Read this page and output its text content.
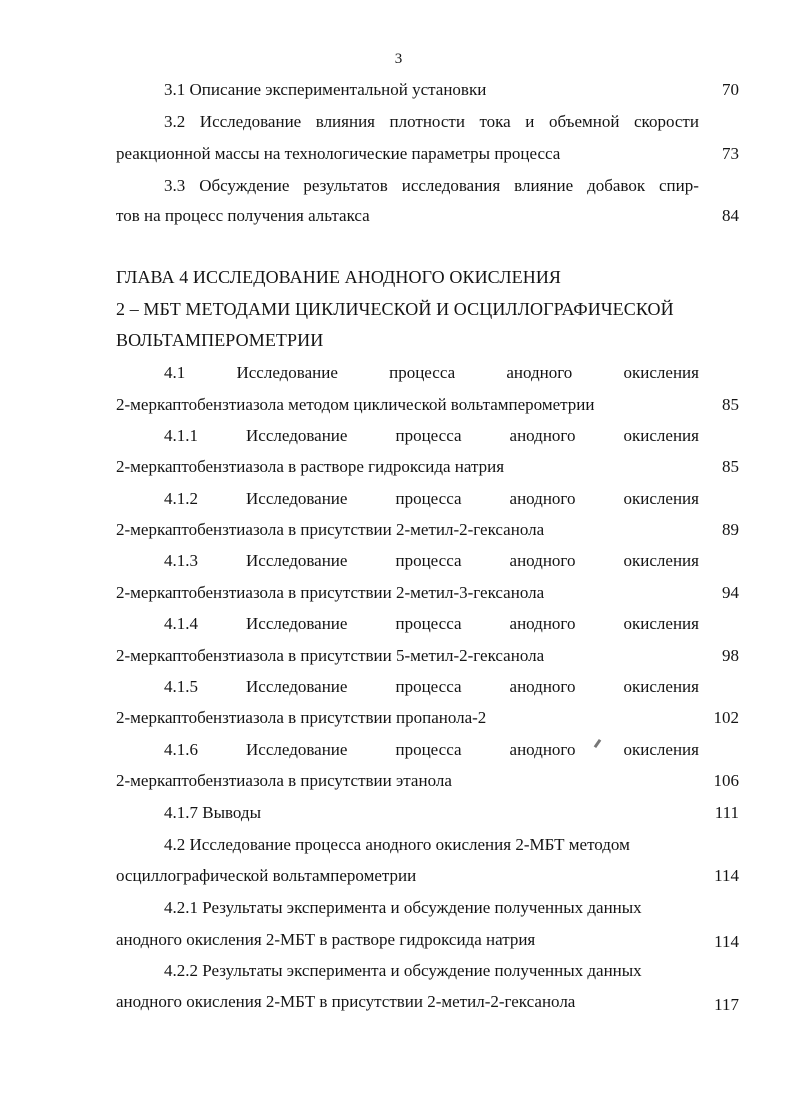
3
3.1 Описание экспериментальной установки	70
3.2 Исследование влияния плотности тока и объемной скорости
реакционной массы на технологические параметры процесса	73
3.3 Обсуждение результатов исследования влияние добавок спир-
тов на процесс получения альтакса	84
ГЛАВА 4 ИССЛЕДОВАНИЕ АНОДНОГО ОКИСЛЕНИЯ
2 – МБТ МЕТОДАМИ ЦИКЛИЧЕСКОЙ И ОСЦИЛЛОГРАФИЧЕСКОЙ
ВОЛЬТАМПЕРОМЕТРИИ
4.1	Исследование	процесса	анодного	окисления
2-меркаптобензтиазола методом циклической вольтамперометрии	85
4.1.1	Исследование	процесса	анодного	окисления
2-меркаптобензтиазола в растворе гидроксида натрия	85
4.1.2	Исследование	процесса	анодного	окисления
2-меркаптобензтиазола в присутствии 2-метил-2-гексанола	89
4.1.3	Исследование	процесса	анодного	окисления
2-меркаптобензтиазола в присутствии 2-метил-3-гексанола	94
4.1.4	Исследование	процесса	анодного	окисления
2-меркаптобензтиазола в присутствии 5-метил-2-гексанола	98
4.1.5	Исследование	процесса	анодного	окисления
2-меркаптобензтиазола в присутствии пропанола-2	102
4.1.6	Исследование	процесса	анодного	окисления
2-меркаптобензтиазола в присутствии этанола	106
4.1.7 Выводы	111
4.2 Исследование процесса анодного окисления 2-МБТ методом
осциллографической вольтамперометрии	114
4.2.1 Результаты эксперимента и обсуждение полученных данных
анодного окисления 2-МБТ в растворе гидроксида натрия	114
4.2.2 Результаты эксперимента и обсуждение полученных данных
анодного окисления 2-МБТ в присутствии 2-метил-2-гексанола	117
